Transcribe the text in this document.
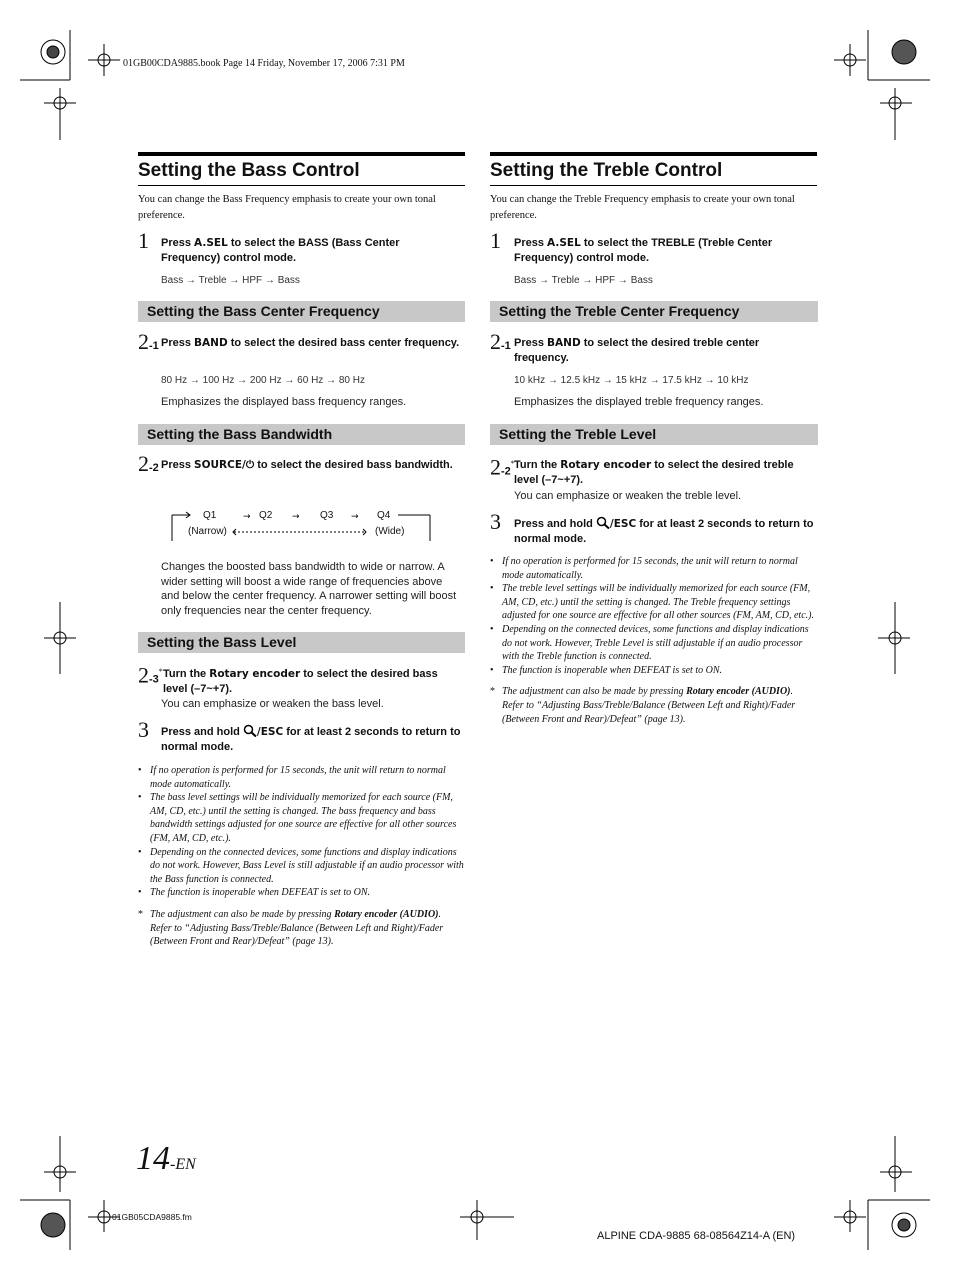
01GB00CDA9885.book Page 14 Friday, November 17, 2006 7:31 PM
Setting the Bass Control
You can change the Bass Frequency emphasis to create your own tonal preference.
1 Press A.SEL to select the BASS (Bass Center Frequency) control mode.
Bass → Treble → HPF → Bass
Setting the Bass Center Frequency
2-1 Press BAND to select the desired bass center frequency.
80 Hz → 100 Hz → 200 Hz → 60 Hz → 80 Hz
Emphasizes the displayed bass frequency ranges.
Setting the Bass Bandwidth
2-2 Press SOURCE/⏻ to select the desired bass bandwidth.
→	→	→
Q1	Q2	Q3	Q4
(Narrow)	(Wide)
Changes the boosted bass bandwidth to wide or narrow. A wider setting will boost a wide range of frequencies above and below the center frequency. A narrower setting will boost only frequencies near the center frequency.
Setting the Bass Level
2-3* Turn the Rotary encoder to select the desired bass level (–7~+7).
You can emphasize or weaken the bass level.
3 Press and hold /ESC for at least 2 seconds to return to normal mode.
• If no operation is performed for 15 seconds, the unit will return to normal mode automatically.
• The bass level settings will be individually memorized for each source (FM, AM, CD, etc.) until the setting is changed. The bass frequency and bass bandwidth settings adjusted for one source are effective for all other sources (FM, AM, CD, etc.).
• Depending on the connected devices, some functions and display indications do not work. However, Bass Level is still adjustable if an audio processor with the Bass function is connected.
• The function is inoperable when DEFEAT is set to ON.
* The adjustment can also be made by pressing Rotary encoder (AUDIO). Refer to “Adjusting Bass/Treble/Balance (Between Left and Right)/Fader (Between Front and Rear)/Defeat” (page 13).
Setting the Treble Control
You can change the Treble Frequency emphasis to create your own tonal preference.
1 Press A.SEL to select the TREBLE (Treble Center Frequency) control mode.
Bass → Treble → HPF → Bass
Setting the Treble Center Frequency
2-1 Press BAND to select the desired treble center frequency.
10 kHz → 12.5 kHz → 15 kHz → 17.5 kHz → 10 kHz
Emphasizes the displayed treble frequency ranges.
Setting the Treble Level
2-2* Turn the Rotary encoder to select the desired treble level (–7~+7).
You can emphasize or weaken the treble level.
3 Press and hold /ESC for at least 2 seconds to return to normal mode.
• If no operation is performed for 15 seconds, the unit will return to normal mode automatically.
• The treble level settings will be individually memorized for each source (FM, AM, CD, etc.) until the setting is changed. The Treble frequency settings adjusted for one source are effective for all other sources (FM, AM, CD, etc.).
• Depending on the connected devices, some functions and display indications do not work. However, Treble Level is still adjustable if an audio processor with the Treble function is connected.
• The function is inoperable when DEFEAT is set to ON.
* The adjustment can also be made by pressing Rotary encoder (AUDIO). Refer to “Adjusting Bass/Treble/Balance (Between Left and Right)/Fader (Between Front and Rear)/Defeat” (page 13).
14-EN
01GB05CDA9885.fm
ALPINE CDA-9885 68-08564Z14-A (EN)
